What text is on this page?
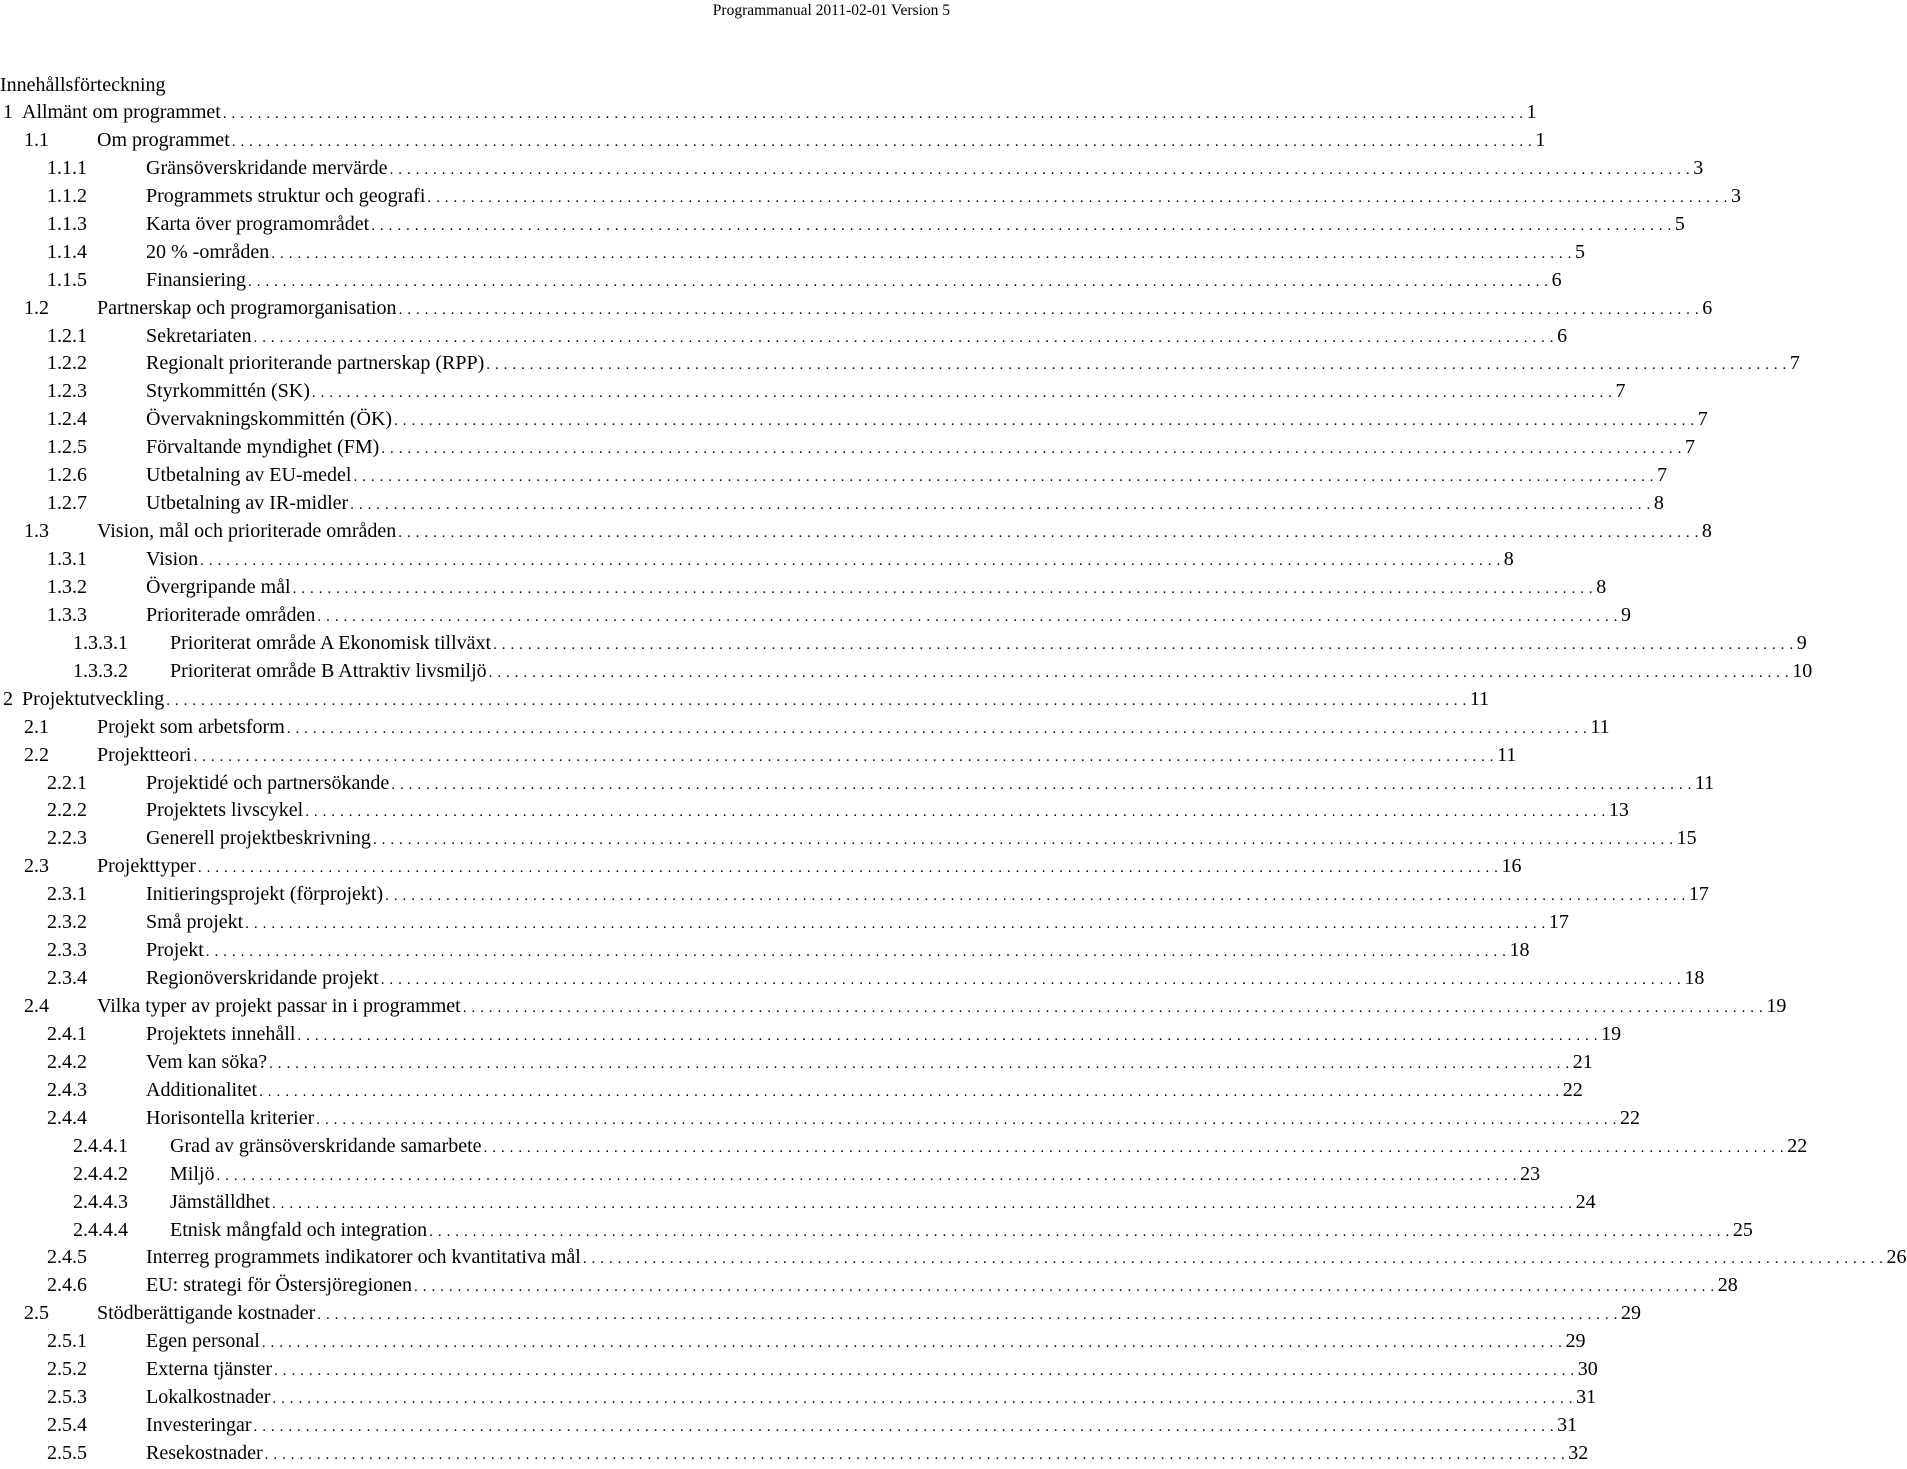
Programmanual 2011-02-01 Version 5
Innehållsförteckning
1 Allmänt om programmet . . . . . . . . . . . . . . . . . . . . . . . . . . . . . . . . . . . . . . . . . . . . . . . . . . . . . . . . . . . . . . . . . . . . . . . . . . . . . . . . . . . . . . . . . . . . . . . . . . . . . . . . . . . . . . . . . . . . . . . . . . . . . . . . . . . . . . . . . . . . . . . . . . . . . . 1
1.1 Om programmet . . . . . . . . . . . . . . . . . . . . . . . . . . . . . . . . . . . . . . . . . . . . . . . . . . . . . . . . . . . . . . . . . . . . . . . . . . . . . . . . . . . . . . . . . . . . . . . . . . . . . . . . . . . . . . . . . . . . . . . . . . . . . . . . . . . . . . . . . . . . . . . . . . . . . . 1
1.1.1	Gränsöverskridande mervärde . . . . . . . . . . . . . . . . . . . . . . . . . . . . . . . . . . . . . . . . . . . . . . . . . . . . . . . . . . . . . . . . . . . . . . . . . . . . . . . . . . . . . . . . . . . . . . . . . . . . . . . . . . . . . . . . . . . . . . . . . . . . . . . . . . . . . . . . . . . . . . . . . . . . . . 3
1.1.2	Programmets struktur och geografi . . . . . . . . . . . . . . . . . . . . . . . . . . . . . . . . . . . . . . . . . . . . . . . . . . . . . . . . . . . . . . . . . . . . . . . . . . . . . . . . . . . . . . . . . . . . . . . . . . . . . . . . . . . . . . . . . . . . . . . . . . . . . . . . . . . . . . . . . . . . . . . . . . . . . . 3
1.1.3	Karta över programområdet . . . . . . . . . . . . . . . . . . . . . . . . . . . . . . . . . . . . . . . . . . . . . . . . . . . . . . . . . . . . . . . . . . . . . . . . . . . . . . . . . . . . . . . . . . . . . . . . . . . . . . . . . . . . . . . . . . . . . . . . . . . . . . . . . . . . . . . . . . . . . . . . . . . . . . 5
1.1.4	20 % -områden . . . . . . . . . . . . . . . . . . . . . . . . . . . . . . . . . . . . . . . . . . . . . . . . . . . . . . . . . . . . . . . . . . . . . . . . . . . . . . . . . . . . . . . . . . . . . . . . . . . . . . . . . . . . . . . . . . . . . . . . . . . . . . . . . . . . . . . . . . . . . . . . . . . . . . 5
1.1.5	Finansiering . . . . . . . . . . . . . . . . . . . . . . . . . . . . . . . . . . . . . . . . . . . . . . . . . . . . . . . . . . . . . . . . . . . . . . . . . . . . . . . . . . . . . . . . . . . . . . . . . . . . . . . . . . . . . . . . . . . . . . . . . . . . . . . . . . . . . . . . . . . . . . . . . . . . . . 6
1.2 Partnerskap och programorganisation . . . . . . . . . . . . . . . . . . . . . . . . . . . . . . . . . . . . . . . . . . . . . . . . . . . . . . . . . . . . . . . . . . . . . . . . . . . . . . . . . . . . . . . . . . . . . . . . . . . . . . . . . . . . . . . . . . . . . . . . . . . . . . . . . . . . . . . . . . . . . . . . . . . . . . 6
1.2.1	Sekretariaten . . . . . . . . . . . . . . . . . . . . . . . . . . . . . . . . . . . . . . . . . . . . . . . . . . . . . . . . . . . . . . . . . . . . . . . . . . . . . . . . . . . . . . . . . . . . . . . . . . . . . . . . . . . . . . . . . . . . . . . . . . . . . . . . . . . . . . . . . . . . . . . . . . . . . . 6
1.2.2	Regionalt prioriterande partnerskap (RPP) . . . . . . . . . . . . . . . . . . . . . . . . . . . . . . . . . . . . . . . . . . . . . . . . . . . . . . . . . . . . . . . . . . . . . . . . . . . . . . . . . . . . . . . . . . . . . . . . . . . . . . . . . . . . . . . . . . . . . . . . . . . . . . . . . . . . . . . . . . . . . . . . . . . . . . 7
1.2.3	Styrkommittén (SK) . . . . . . . . . . . . . . . . . . . . . . . . . . . . . . . . . . . . . . . . . . . . . . . . . . . . . . . . . . . . . . . . . . . . . . . . . . . . . . . . . . . . . . . . . . . . . . . . . . . . . . . . . . . . . . . . . . . . . . . . . . . . . . . . . . . . . . . . . . . . . . . . . . . . . . 7
1.2.4	Övervakningskommittén (ÖK) . . . . . . . . . . . . . . . . . . . . . . . . . . . . . . . . . . . . . . . . . . . . . . . . . . . . . . . . . . . . . . . . . . . . . . . . . . . . . . . . . . . . . . . . . . . . . . . . . . . . . . . . . . . . . . . . . . . . . . . . . . . . . . . . . . . . . . . . . . . . . . . . . . . . . . 7
1.2.5	Förvaltande myndighet (FM) . . . . . . . . . . . . . . . . . . . . . . . . . . . . . . . . . . . . . . . . . . . . . . . . . . . . . . . . . . . . . . . . . . . . . . . . . . . . . . . . . . . . . . . . . . . . . . . . . . . . . . . . . . . . . . . . . . . . . . . . . . . . . . . . . . . . . . . . . . . . . . . . . . . . . . 7
1.2.6	Utbetalning av EU-medel . . . . . . . . . . . . . . . . . . . . . . . . . . . . . . . . . . . . . . . . . . . . . . . . . . . . . . . . . . . . . . . . . . . . . . . . . . . . . . . . . . . . . . . . . . . . . . . . . . . . . . . . . . . . . . . . . . . . . . . . . . . . . . . . . . . . . . . . . . . . . . . . . . . . . . 7
1.2.7	Utbetalning av IR-midler . . . . . . . . . . . . . . . . . . . . . . . . . . . . . . . . . . . . . . . . . . . . . . . . . . . . . . . . . . . . . . . . . . . . . . . . . . . . . . . . . . . . . . . . . . . . . . . . . . . . . . . . . . . . . . . . . . . . . . . . . . . . . . . . . . . . . . . . . . . . . . . . . . . . . . 8
1.3 Vision, mål och prioriterade områden . . . . . . . . . . . . . . . . . . . . . . . . . . . . . . . . . . . . . . . . . . . . . . . . . . . . . . . . . . . . . . . . . . . . . . . . . . . . . . . . . . . . . . . . . . . . . . . . . . . . . . . . . . . . . . . . . . . . . . . . . . . . . . . . . . . . . . . . . . . . . . . . . . . . . . 8
1.3.1	Vision . . . . . . . . . . . . . . . . . . . . . . . . . . . . . . . . . . . . . . . . . . . . . . . . . . . . . . . . . . . . . . . . . . . . . . . . . . . . . . . . . . . . . . . . . . . . . . . . . . . . . . . . . . . . . . . . . . . . . . . . . . . . . . . . . . . . . . . . . . . . . . . . . . . . . . 8
1.3.2	Övergripande mål . . . . . . . . . . . . . . . . . . . . . . . . . . . . . . . . . . . . . . . . . . . . . . . . . . . . . . . . . . . . . . . . . . . . . . . . . . . . . . . . . . . . . . . . . . . . . . . . . . . . . . . . . . . . . . . . . . . . . . . . . . . . . . . . . . . . . . . . . . . . . . . . . . . . . . 8
1.3.3	Prioriterade områden . . . . . . . . . . . . . . . . . . . . . . . . . . . . . . . . . . . . . . . . . . . . . . . . . . . . . . . . . . . . . . . . . . . . . . . . . . . . . . . . . . . . . . . . . . . . . . . . . . . . . . . . . . . . . . . . . . . . . . . . . . . . . . . . . . . . . . . . . . . . . . . . . . . . . . 9
1.3.3.1 Prioriterat område A Ekonomisk tillväxt . . . . . . . . . . . . . . . . . . . . . . . . . . . . . . . . . . . . . . . . . . . . . . . . . . . . . . . . . . . . . . . . . . . . . . . . . . . . . . . . . . . . . . . . . . . . . . . . . . . . . . . . . . . . . . . . . . . . . . . . . . . . . . . . . . . . . . . . . . . . . . . . . . . . . . 9
1.3.3.2 Prioriterat område B Attraktiv livsmiljö . . . . . . . . . . . . . . . . . . . . . . . . . . . . . . . . . . . . . . . . . . . . . . . . . . . . . . . . . . . . . . . . . . . . . . . . . . . . . . . . . . . . . . . . . . . . . . . . . . . . . . . . . . . . . . . . . . . . . . . . . . . . . . . . . . . . . . . . . . . . . . . . . . . . . . 10
2 Projektutveckling . . . . . . . . . . . . . . . . . . . . . . . . . . . . . . . . . . . . . . . . . . . . . . . . . . . . . . . . . . . . . . . . . . . . . . . . . . . . . . . . . . . . . . . . . . . . . . . . . . . . . . . . . . . . . . . . . . . . . . . . . . . . . . . . . . . . . . . . . . . . . . . . . . . . . . 11
2.1 Projekt som arbetsform . . . . . . . . . . . . . . . . . . . . . . . . . . . . . . . . . . . . . . . . . . . . . . . . . . . . . . . . . . . . . . . . . . . . . . . . . . . . . . . . . . . . . . . . . . . . . . . . . . . . . . . . . . . . . . . . . . . . . . . . . . . . . . . . . . . . . . . . . . . . . . . . . . . . . . 11
2.2 Projektteori . . . . . . . . . . . . . . . . . . . . . . . . . . . . . . . . . . . . . . . . . . . . . . . . . . . . . . . . . . . . . . . . . . . . . . . . . . . . . . . . . . . . . . . . . . . . . . . . . . . . . . . . . . . . . . . . . . . . . . . . . . . . . . . . . . . . . . . . . . . . . . . . . . . . . . 11
2.2.1	Projektidé och partnersökande . . . . . . . . . . . . . . . . . . . . . . . . . . . . . . . . . . . . . . . . . . . . . . . . . . . . . . . . . . . . . . . . . . . . . . . . . . . . . . . . . . . . . . . . . . . . . . . . . . . . . . . . . . . . . . . . . . . . . . . . . . . . . . . . . . . . . . . . . . . . . . . . . . . . . . 11
2.2.2	Projektets livscykel . . . . . . . . . . . . . . . . . . . . . . . . . . . . . . . . . . . . . . . . . . . . . . . . . . . . . . . . . . . . . . . . . . . . . . . . . . . . . . . . . . . . . . . . . . . . . . . . . . . . . . . . . . . . . . . . . . . . . . . . . . . . . . . . . . . . . . . . . . . . . . . . . . . . . . 13
2.2.3	Generell projektbeskrivning . . . . . . . . . . . . . . . . . . . . . . . . . . . . . . . . . . . . . . . . . . . . . . . . . . . . . . . . . . . . . . . . . . . . . . . . . . . . . . . . . . . . . . . . . . . . . . . . . . . . . . . . . . . . . . . . . . . . . . . . . . . . . . . . . . . . . . . . . . . . . . . . . . . . . . 15
2.3 Projekttyper . . . . . . . . . . . . . . . . . . . . . . . . . . . . . . . . . . . . . . . . . . . . . . . . . . . . . . . . . . . . . . . . . . . . . . . . . . . . . . . . . . . . . . . . . . . . . . . . . . . . . . . . . . . . . . . . . . . . . . . . . . . . . . . . . . . . . . . . . . . . . . . . . . . . . . 16
2.3.1	Initieringsprojekt (förprojekt) . . . . . . . . . . . . . . . . . . . . . . . . . . . . . . . . . . . . . . . . . . . . . . . . . . . . . . . . . . . . . . . . . . . . . . . . . . . . . . . . . . . . . . . . . . . . . . . . . . . . . . . . . . . . . . . . . . . . . . . . . . . . . . . . . . . . . . . . . . . . . . . . . . . . . . 17
2.3.2	Små projekt . . . . . . . . . . . . . . . . . . . . . . . . . . . . . . . . . . . . . . . . . . . . . . . . . . . . . . . . . . . . . . . . . . . . . . . . . . . . . . . . . . . . . . . . . . . . . . . . . . . . . . . . . . . . . . . . . . . . . . . . . . . . . . . . . . . . . . . . . . . . . . . . . . . . . . 17
2.3.3	Projekt . . . . . . . . . . . . . . . . . . . . . . . . . . . . . . . . . . . . . . . . . . . . . . . . . . . . . . . . . . . . . . . . . . . . . . . . . . . . . . . . . . . . . . . . . . . . . . . . . . . . . . . . . . . . . . . . . . . . . . . . . . . . . . . . . . . . . . . . . . . . . . . . . . . . . . 18
2.3.4	Regionöverskridande projekt . . . . . . . . . . . . . . . . . . . . . . . . . . . . . . . . . . . . . . . . . . . . . . . . . . . . . . . . . . . . . . . . . . . . . . . . . . . . . . . . . . . . . . . . . . . . . . . . . . . . . . . . . . . . . . . . . . . . . . . . . . . . . . . . . . . . . . . . . . . . . . . . . . . . . . 18
2.4 Vilka typer av projekt passar in i programmet . . . . . . . . . . . . . . . . . . . . . . . . . . . . . . . . . . . . . . . . . . . . . . . . . . . . . . . . . . . . . . . . . . . . . . . . . . . . . . . . . . . . . . . . . . . . . . . . . . . . . . . . . . . . . . . . . . . . . . . . . . . . . . . . . . . . . . . . . . . . . . . . . . . . . . 19
2.4.1	Projektets innehåll . . . . . . . . . . . . . . . . . . . . . . . . . . . . . . . . . . . . . . . . . . . . . . . . . . . . . . . . . . . . . . . . . . . . . . . . . . . . . . . . . . . . . . . . . . . . . . . . . . . . . . . . . . . . . . . . . . . . . . . . . . . . . . . . . . . . . . . . . . . . . . . . . . . . . . 19
2.4.2	Vem kan söka? . . . . . . . . . . . . . . . . . . . . . . . . . . . . . . . . . . . . . . . . . . . . . . . . . . . . . . . . . . . . . . . . . . . . . . . . . . . . . . . . . . . . . . . . . . . . . . . . . . . . . . . . . . . . . . . . . . . . . . . . . . . . . . . . . . . . . . . . . . . . . . . . . . . . . . 21
2.4.3	Additionalitet . . . . . . . . . . . . . . . . . . . . . . . . . . . . . . . . . . . . . . . . . . . . . . . . . . . . . . . . . . . . . . . . . . . . . . . . . . . . . . . . . . . . . . . . . . . . . . . . . . . . . . . . . . . . . . . . . . . . . . . . . . . . . . . . . . . . . . . . . . . . . . . . . . . . . . 22
2.4.4	Horisontella kriterier . . . . . . . . . . . . . . . . . . . . . . . . . . . . . . . . . . . . . . . . . . . . . . . . . . . . . . . . . . . . . . . . . . . . . . . . . . . . . . . . . . . . . . . . . . . . . . . . . . . . . . . . . . . . . . . . . . . . . . . . . . . . . . . . . . . . . . . . . . . . . . . . . . . . . . 22
2.4.4.1 Grad av gränsöverskridande samarbete . . . . . . . . . . . . . . . . . . . . . . . . . . . . . . . . . . . . . . . . . . . . . . . . . . . . . . . . . . . . . . . . . . . . . . . . . . . . . . . . . . . . . . . . . . . . . . . . . . . . . . . . . . . . . . . . . . . . . . . . . . . . . . . . . . . . . . . . . . . . . . . . . . . . . . 22
2.4.4.2 Miljö . . . . . . . . . . . . . . . . . . . . . . . . . . . . . . . . . . . . . . . . . . . . . . . . . . . . . . . . . . . . . . . . . . . . . . . . . . . . . . . . . . . . . . . . . . . . . . . . . . . . . . . . . . . . . . . . . . . . . . . . . . . . . . . . . . . . . . . . . . . . . . . . . . . . . . 23
2.4.4.3 Jämställdhet . . . . . . . . . . . . . . . . . . . . . . . . . . . . . . . . . . . . . . . . . . . . . . . . . . . . . . . . . . . . . . . . . . . . . . . . . . . . . . . . . . . . . . . . . . . . . . . . . . . . . . . . . . . . . . . . . . . . . . . . . . . . . . . . . . . . . . . . . . . . . . . . . . . . . . 24
2.4.4.4 Etnisk mångfald och integration . . . . . . . . . . . . . . . . . . . . . . . . . . . . . . . . . . . . . . . . . . . . . . . . . . . . . . . . . . . . . . . . . . . . . . . . . . . . . . . . . . . . . . . . . . . . . . . . . . . . . . . . . . . . . . . . . . . . . . . . . . . . . . . . . . . . . . . . . . . . . . . . . . . . . . 25
2.4.5	Interreg programmets indikatorer och kvantitativa mål . . . . . . . . . . . . . . . . . . . . . . . . . . . . . . . . . . . . . . . . . . . . . . . . . . . . . . . . . . . . . . . . . . . . . . . . . . . . . . . . . . . . . . . . . . . . . . . . . . . . . . . . . . . . . . . . . . . . . . . . . . . . . . . . . . . . . . . . . . . . . . . . . . . . . . 26
2.4.6	EU: strategi för Östersjöregionen . . . . . . . . . . . . . . . . . . . . . . . . . . . . . . . . . . . . . . . . . . . . . . . . . . . . . . . . . . . . . . . . . . . . . . . . . . . . . . . . . . . . . . . . . . . . . . . . . . . . . . . . . . . . . . . . . . . . . . . . . . . . . . . . . . . . . . . . . . . . . . . . . . . . . . 28
2.5 Stödberättigande kostnader . . . . . . . . . . . . . . . . . . . . . . . . . . . . . . . . . . . . . . . . . . . . . . . . . . . . . . . . . . . . . . . . . . . . . . . . . . . . . . . . . . . . . . . . . . . . . . . . . . . . . . . . . . . . . . . . . . . . . . . . . . . . . . . . . . . . . . . . . . . . . . . . . . . . . . 29
2.5.1	Egen personal . . . . . . . . . . . . . . . . . . . . . . . . . . . . . . . . . . . . . . . . . . . . . . . . . . . . . . . . . . . . . . . . . . . . . . . . . . . . . . . . . . . . . . . . . . . . . . . . . . . . . . . . . . . . . . . . . . . . . . . . . . . . . . . . . . . . . . . . . . . . . . . . . . . . . . 29
2.5.2	Externa tjänster . . . . . . . . . . . . . . . . . . . . . . . . . . . . . . . . . . . . . . . . . . . . . . . . . . . . . . . . . . . . . . . . . . . . . . . . . . . . . . . . . . . . . . . . . . . . . . . . . . . . . . . . . . . . . . . . . . . . . . . . . . . . . . . . . . . . . . . . . . . . . . . . . . . . . . 30
2.5.3	Lokalkostnader . . . . . . . . . . . . . . . . . . . . . . . . . . . . . . . . . . . . . . . . . . . . . . . . . . . . . . . . . . . . . . . . . . . . . . . . . . . . . . . . . . . . . . . . . . . . . . . . . . . . . . . . . . . . . . . . . . . . . . . . . . . . . . . . . . . . . . . . . . . . . . . . . . . . . . 31
2.5.4	Investeringar . . . . . . . . . . . . . . . . . . . . . . . . . . . . . . . . . . . . . . . . . . . . . . . . . . . . . . . . . . . . . . . . . . . . . . . . . . . . . . . . . . . . . . . . . . . . . . . . . . . . . . . . . . . . . . . . . . . . . . . . . . . . . . . . . . . . . . . . . . . . . . . . . . . . . . 31
2.5.5	Resekostnader . . . . . . . . . . . . . . . . . . . . . . . . . . . . . . . . . . . . . . . . . . . . . . . . . . . . . . . . . . . . . . . . . . . . . . . . . . . . . . . . . . . . . . . . . . . . . . . . . . . . . . . . . . . . . . . . . . . . . . . . . . . . . . . . . . . . . . . . . . . . . . . . . . . . . . 32
